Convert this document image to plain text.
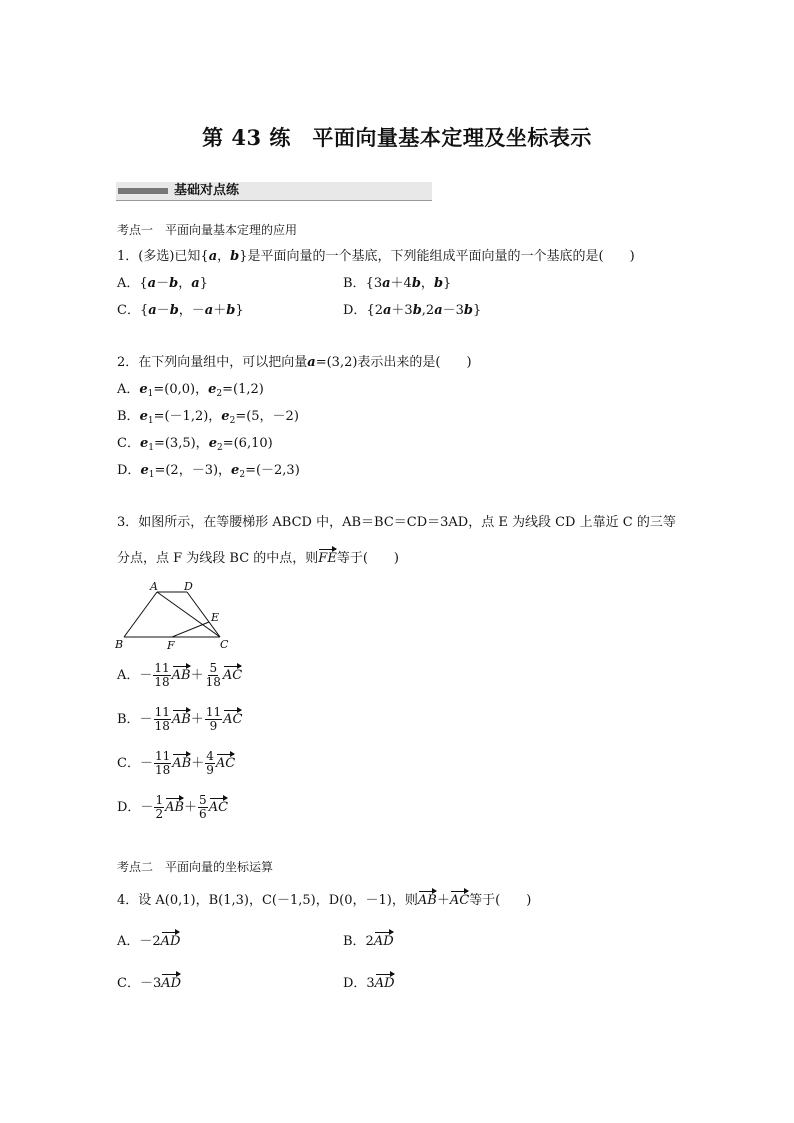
第 43 练　平面向量基本定理及坐标表示
基础对点练
考点一 平面向量基本定理的应用
1．(多选)已知{a，b}是平面向量的一个基底，下列能组成平面向量的一个基底的是(　　)
A．{a－b，a}	B．{3a＋4b，b}
C．{a－b，－a＋b}	D．{2a＋3b,2a－3b}
2．在下列向量组中，可以把向量a=(3,2)表示出来的是(　　)
A．$e_1=(0,0)$，$e_2=(1,2)$
B．$e_1=(-1,2)$，$e_2=(5$，－2)
C．$e_1=(3,5)$，$e_2=(6,10)$
D．$e_1=(2$，－3)，$e_2=(-2,3)$
3．如图所示，在等腰梯形 ABCD 中，AB＝BC＝CD＝3AD，点 E 为线段 CD 上靠近 C 的三等
分点，点 F 为线段 BC 的中点，则FE等于(　　)
A D
E
B	F	C
A．－ $\frac{11}{18} AB+ \frac{5}{18}$ AC
B．－ $\frac{11}{18} AB+ \frac{11}{9}$ AC
C．－ $\frac{11}{18} AB+ \frac{4}{9}$ AC
D．－ $\frac{1}{2} AB+ \frac{5}{6}$ AC
考点二 平面向量的坐标运算
4．设 A(0,1)，B(1,3)，C(－1,5)，D(0，－1)，则AB＋AC等于(　　)
A．－2AD	B．2AD
C．－3AD	D．3AD
